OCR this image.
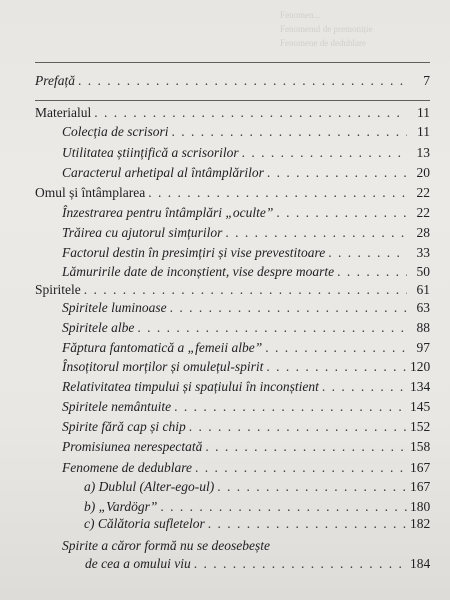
Fenomen...
Fenomenul de premoniție
Fenomene de dedublare
Prefață . . .	7
Materialul . . .	11
Colecția de scrisori . . .	11
Utilitatea științifică a scrisorilor . . .	13
Caracterul arhetipal al întâmplărilor . . .	20
Omul și întâmplarea . . .	22
Înzestrarea pentru întâmplări „oculte” . . .	22
Trăirea cu ajutorul simțurilor . . .	28
Factorul destin în presimțiri și vise prevestitoare . . .	33
Lămuririle date de inconștient, vise despre moarte . . .	50
Spiritele . . .	61
Spiritele luminoase . . .	63
Spiritele albe . . .	88
Făptura fantomatică a „femeii albe” . . .	97
Însoțitorul morților și omulețul-spirit . . .	120
Relativitatea timpului și spațiului în inconștient . . .	134
Spiritele nemântuite . . .	145
Spirite fără cap și chip . . .	152
Promisiunea nerespectată . . .	158
Fenomene de dedublare . . .	167
a) Dublul (Alter-ego-ul) . . .	167
b) „Vardögr” . . .	180
c) Călătoria sufletelor . . .	182
Spirite a căror formă nu se deosebește
de cea a omului viu . . .	184
